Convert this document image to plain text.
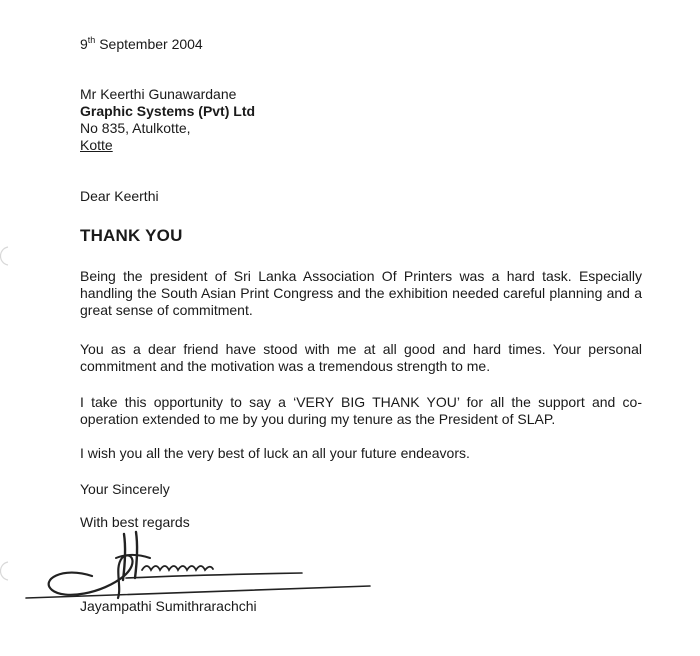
9th September 2004
Mr Keerthi Gunawardane
Graphic Systems (Pvt) Ltd
No 835, Atulkotte,
Kotte
Dear Keerthi
THANK YOU

Being the president of Sri Lanka Association Of Printers was a hard task. Especially handling the South Asian Print Congress and the exhibition needed careful planning and a great sense of commitment.

You as a dear friend have stood with me at all good and hard times. Your personal commitment and the motivation was a tremendous strength to me.

I take this opportunity to say a ‘VERY BIG THANK YOU’ for all the support and co-operation extended to me by you during my tenure as the President of SLAP.

I wish you all the very best of luck an all your future endeavors.

Your Sincerely
With best regards
Jayampathi Sumithrarachchi
